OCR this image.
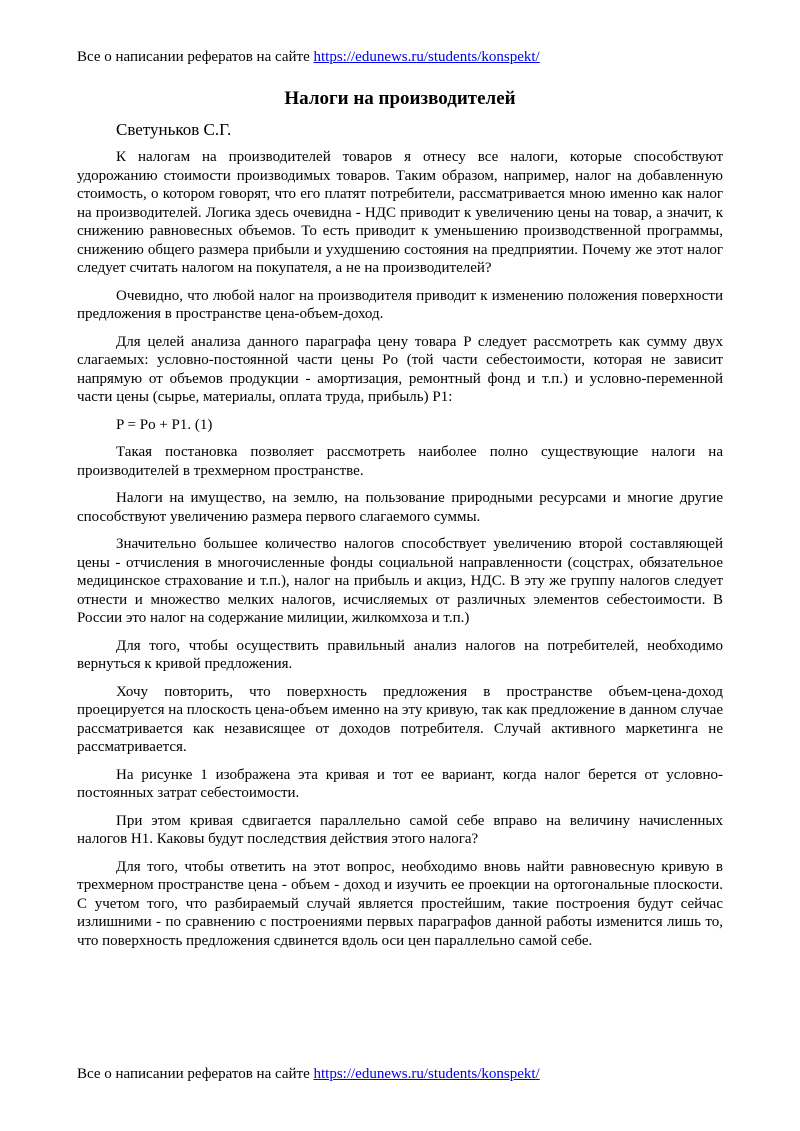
Все о написании рефератов на сайте https://edunews.ru/students/konspekt/
Налоги на производителей
Светуньков С.Г.

К налогам на производителей товаров я отнесу все налоги, которые способствуют удорожанию стоимости производимых товаров. Таким образом, например, налог на добавленную стоимость, о котором говорят, что его платят потребители, рассматривается мною именно как налог на производителей. Логика здесь очевидна - НДС приводит к увеличению цены на товар, а значит, к снижению равновесных объемов. То есть приводит к уменьшению производственной программы, снижению общего размера прибыли и ухудшению состояния на предприятии. Почему же этот налог следует считать налогом на покупателя, а не на производителей?

Очевидно, что любой налог на производителя приводит к изменению положения поверхности предложения в пространстве цена-объем-доход.

Для целей анализа данного параграфа цену товара P следует рассмотреть как сумму двух слагаемых: условно-постоянной части цены Po (той части себестоимости, которая не зависит напрямую от объемов продукции - амортизация, ремонтный фонд и т.п.) и условно-переменной части цены (сырье, материалы, оплата труда, прибыль) P1:

P = Po + P1. (1)

Такая постановка позволяет рассмотреть наиболее полно существующие налоги на производителей в трехмерном пространстве.

Налоги на имущество, на землю, на пользование природными ресурсами и многие другие способствуют увеличению размера первого слагаемого суммы.

Значительно большее количество налогов способствует увеличению второй составляющей цены - отчисления в многочисленные фонды социальной направленности (соцстрах, обязательное медицинское страхование и т.п.), налог на прибыль и акциз, НДС. В эту же группу налогов следует отнести и множество мелких налогов, исчисляемых от различных элементов себестоимости. В России это налог на содержание милиции, жилкомхоза и т.п.)

Для того, чтобы осуществить правильный анализ налогов на потребителей, необходимо вернуться к кривой предложения.

Хочу повторить, что поверхность предложения в пространстве объем-цена-доход проецируется на плоскость цена-объем именно на эту кривую, так как предложение в данном случае рассматривается как независящее от доходов потребителя. Случай активного маркетинга не рассматривается.

На рисунке 1 изображена эта кривая и тот ее вариант, когда налог берется от условно-постоянных затрат себестоимости.

При этом кривая сдвигается параллельно самой себе вправо на величину начисленных налогов H1. Каковы будут последствия действия этого налога?

Для того, чтобы ответить на этот вопрос, необходимо вновь найти равновесную кривую в трехмерном пространстве цена - объем - доход и изучить ее проекции на ортогональные плоскости. С учетом того, что разбираемый случай является простейшим, такие построения будут сейчас излишними - по сравнению с построениями первых параграфов данной работы изменится лишь то, что поверхность предложения сдвинется вдоль оси цен параллельно самой себе.

Все о написании рефератов на сайте https://edunews.ru/students/konspekt/
